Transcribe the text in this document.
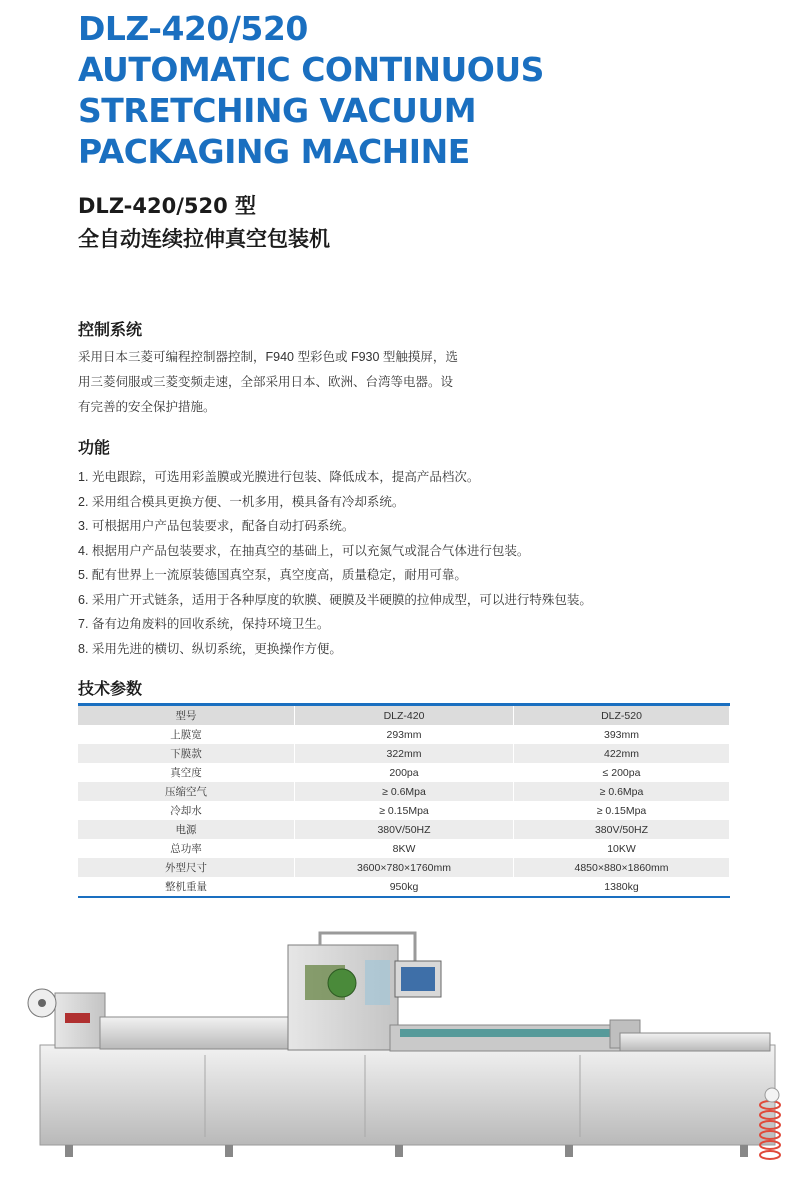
DLZ-420/520
AUTOMATIC CONTINUOUS
STRETCHING VACUUM
PACKAGING MACHINE
DLZ-420/520 型
全自动连续拉伸真空包装机
控制系统
采用日本三菱可编程控制器控制，F940 型彩色或 F930 型触摸屏，选
用三菱伺服或三菱变频走速，全部采用日本、欧洲、台湾等电器。设
有完善的安全保护措施。
功能
1. 光电跟踪，可选用彩盖膜或光膜进行包装、降低成本，提高产品档次。
2. 采用组合模具更换方便、一机多用，模具备有冷却系统。
3. 可根据用户产品包装要求，配备自动打码系统。
4. 根据用户产品包装要求，在抽真空的基础上，可以充氮气或混合气体进行包装。
5. 配有世界上一流原装德国真空泵，真空度高，质量稳定，耐用可靠。
6. 采用广开式链条，适用于各种厚度的软膜、硬膜及半硬膜的拉伸成型，可以进行特殊包装。
7. 备有边角废料的回收系统，保持环境卫生。
8. 采用先进的横切、纵切系统，更换操作方便。
技术参数
型号	DLZ-420	DLZ-520
上膜宽	293mm	393mm
下膜款	322mm	422mm
真空度	200pa	≤ 200pa
压缩空气	≥ 0.6Mpa	≥ 0.6Mpa
冷却水	≥ 0.15Mpa	≥ 0.15Mpa
电源	380V/50HZ	380V/50HZ
总功率	8KW	10KW
外型尺寸	3600×780×1760mm	4850×880×1860mm
整机重量	950kg	1380kg
